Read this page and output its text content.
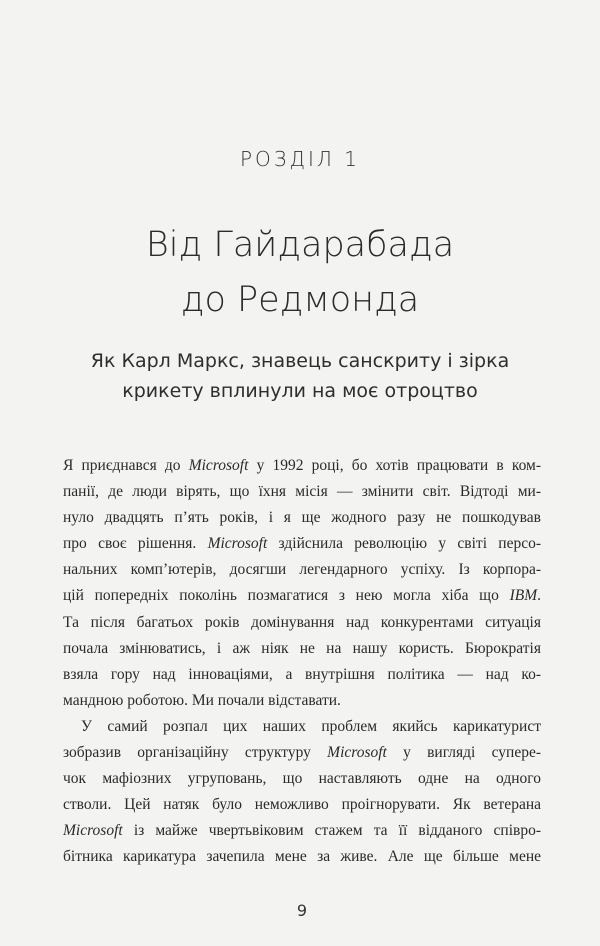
РОЗДІЛ 1
Від Гайдарабада
до Редмонда
Як Карл Маркс, знавець санскриту і зірка
крикету вплинули на моє отроцтво
Я приєднався до Microsoft у 1992 році, бо хотів працювати в ком-
панії, де люди вірять, що їхня місія — змінити світ. Відтоді ми-
нуло двадцять п’ять років, і я ще жодного разу не пошкодував
про своє рішення. Microsoft здійснила революцію у світі персо-
нальних комп’ютерів, досягши легендарного успіху. Із корпора-
цій попередніх поколінь позмагатися з нею могла хіба що IBM.
Та після багатьох років домінування над конкурентами ситуація
почала змінюватись, і аж ніяк не на нашу користь. Бюрократія
взяла гору над інноваціями, а внутрішня політика — над ко-
мандною роботою. Ми почали відставати.
У самий розпал цих наших проблем якийсь карикатурист
зобразив організаційну структуру Microsoft у вигляді супере-
чок мафіозних угруповань, що наставляють одне на одного
стволи. Цей натяк було неможливо проігнорувати. Як ветерана
Microsoft із майже чвертьвіковим стажем та її відданого співро-
бітника карикатура зачепила мене за живе. Але ще більше мене
9
